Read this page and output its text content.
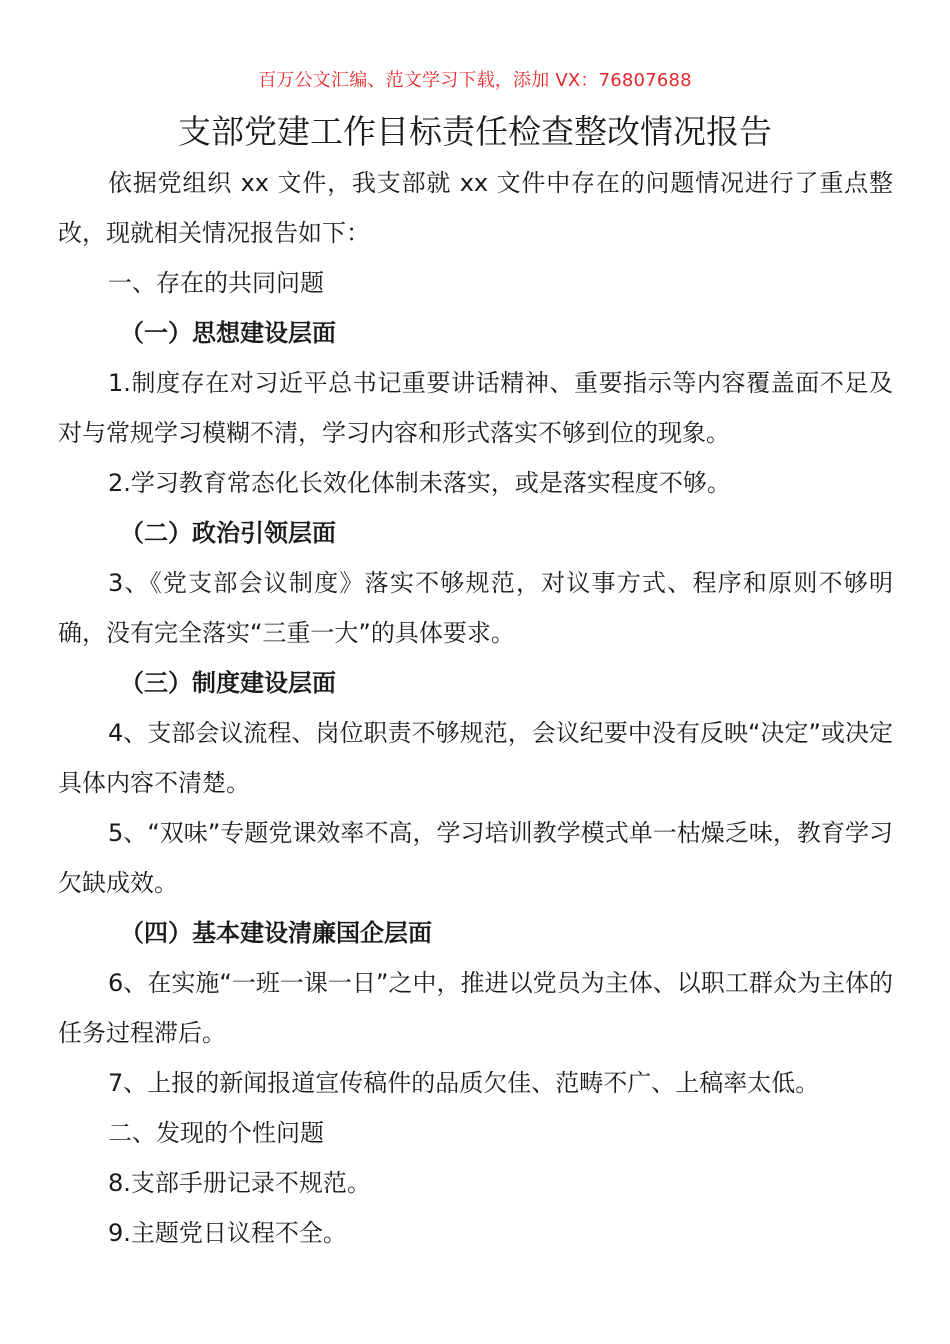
百万公文汇编、范文学习下载，添加 VX：76807688
支部党建工作目标责任检查整改情况报告

依据党组织 xx 文件，我支部就 xx 文件中存在的问题情况进行了重点整改，现就相关情况报告如下：

一、存在的共同问题

（一）思想建设层面

1.制度存在对习近平总书记重要讲话精神、重要指示等内容覆盖面不足及对与常规学习模糊不清，学习内容和形式落实不够到位的现象。

2.学习教育常态化长效化体制未落实，或是落实程度不够。

（二）政治引领层面

3、《党支部会议制度》落实不够规范，对议事方式、程序和原则不够明确，没有完全落实“三重一大”的具体要求。

（三）制度建设层面

4、支部会议流程、岗位职责不够规范，会议纪要中没有反映“决定”或决定具体内容不清楚。

5、“双味”专题党课效率不高，学习培训教学模式单一枯燥乏味，教育学习欠缺成效。

（四）基本建设清廉国企层面

6、在实施“一班一课一日”之中，推进以党员为主体、以职工群众为主体的任务过程滞后。

7、上报的新闻报道宣传稿件的品质欠佳、范畴不广、上稿率太低。

二、发现的个性问题

8.支部手册记录不规范。

9.主题党日议程不全。
